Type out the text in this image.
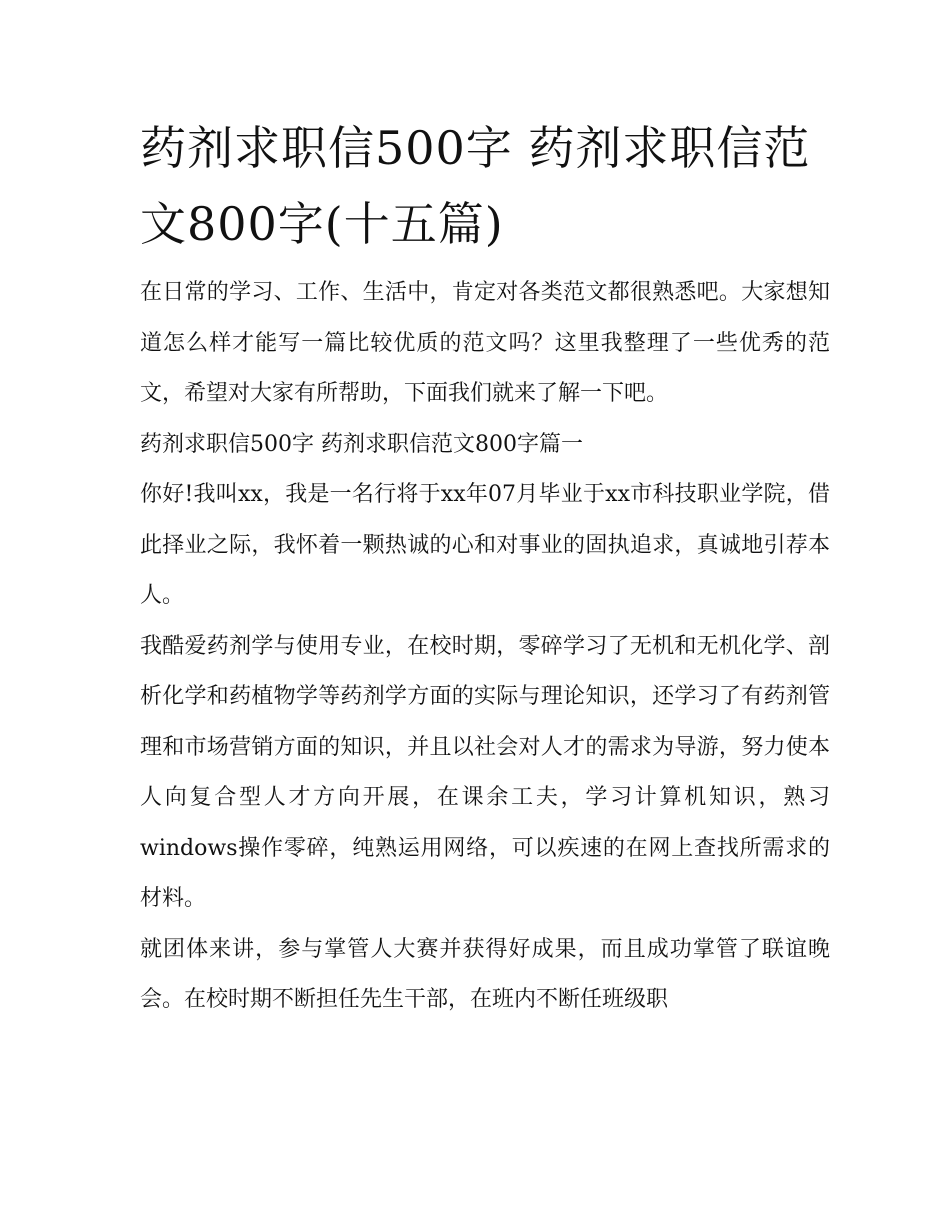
药剂求职信500字 药剂求职信范文800字(十五篇)

在日常的学习、工作、生活中，肯定对各类范文都很熟悉吧。大家想知道怎么样才能写一篇比较优质的范文吗？这里我整理了一些优秀的范文，希望对大家有所帮助，下面我们就来了解一下吧。

药剂求职信500字 药剂求职信范文800字篇一

你好!我叫xx，我是一名行将于xx年07月毕业于xx市科技职业学院，借此择业之际，我怀着一颗热诚的心和对事业的固执追求，真诚地引荐本人。

我酷爱药剂学与使用专业，在校时期，零碎学习了无机和无机化学、剖析化学和药植物学等药剂学方面的实际与理论知识，还学习了有药剂管理和市场营销方面的知识，并且以社会对人才的需求为导游，努力使本人向复合型人才方向开展，在课余工夫，学习计算机知识，熟习windows操作零碎，纯熟运用网络，可以疾速的在网上查找所需求的材料。

就团体来讲，参与掌管人大赛并获得好成果，而且成功掌管了联谊晚会。在校时期不断担任先生干部，在班内不断任班级职
